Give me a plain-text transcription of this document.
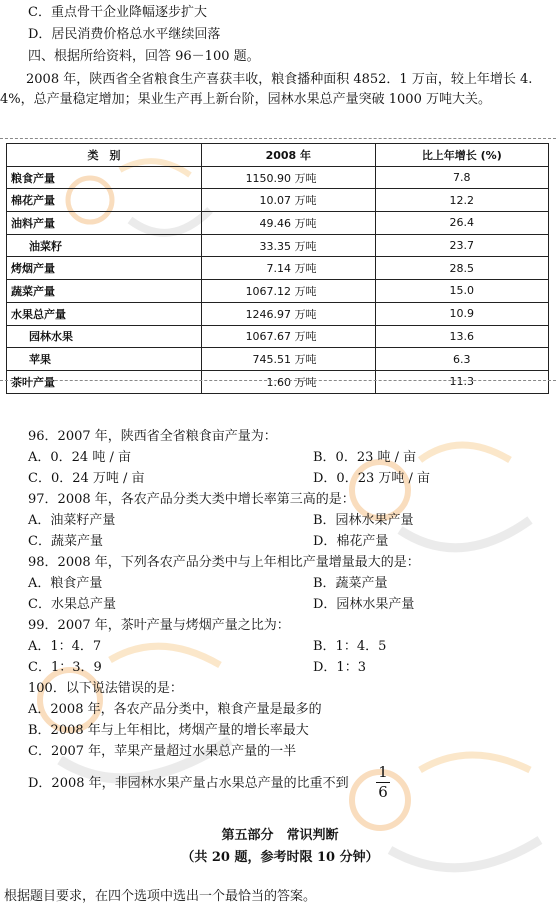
C．重点骨干企业降幅逐步扩大
D．居民消费价格总水平继续回落
四、根据所给资料，回答 96－100 题。
　　2008 年，陕西省全省粮食生产喜获丰收，粮食播种面积 4852．1 万亩，较上年增长 4.
4%，总产量稳定增加；果业生产再上新台阶，园林水果总产量突破 1000 万吨大关。
类　别	2008 年	比上年增长 (%)
粮食产量	1150.90 万吨	7.8
棉花产量	10.07 万吨	12.2
油料产量	49.46 万吨	26.4
油菜籽	33.35 万吨	23.7
烤烟产量	7.14 万吨	28.5
蔬菜产量	1067.12 万吨	15.0
水果总产量	1246.97 万吨	10.9
园林水果	1067.67 万吨	13.6
苹果	745.51 万吨	6.3
茶叶产量	1.60 万吨	11.3
96．2007 年，陕西省全省粮食亩产量为：
A．0．24 吨 / 亩	B．0．23 吨 / 亩
C．0．24 万吨 / 亩	D．0．23 万吨 / 亩
97．2008 年，各农产品分类大类中增长率第三高的是：
A．油菜籽产量	B．园林水果产量
C．蔬菜产量	D．棉花产量
98．2008 年，下列各农产品分类中与上年相比产量增量最大的是：
A．粮食产量	B．蔬菜产量
C．水果总产量	D．园林水果产量
99．2007 年，茶叶产量与烤烟产量之比为：
A．1：4．7	B．1：4．5
C．1：3．9	D．1：3
100．以下说法错误的是：
A．2008 年，各农产品分类中，粮食产量是最多的
B．2008 年与上年相比，烤烟产量的增长率最大
C．2007 年，苹果产量超过水果总产量的一半
D．2008 年，非园林水果产量占水果总产量的比重不到
1
6
第五部分　常识判断
（共 20 题，参考时限 10 分钟）
根据题目要求，在四个选项中选出一个最恰当的答案。
